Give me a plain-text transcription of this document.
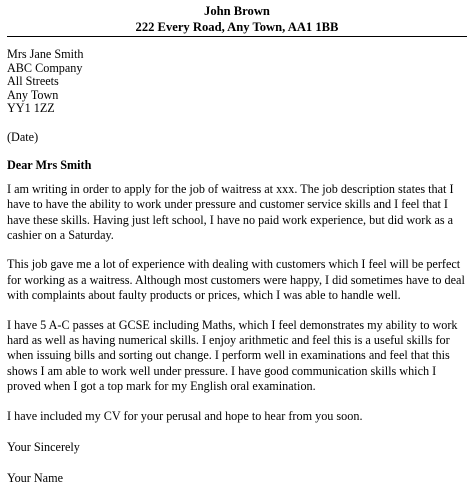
John Brown
222 Every Road, Any Town, AA1 1BB
Mrs Jane Smith
ABC Company
All Streets
Any Town
YY1 1ZZ
(Date)
Dear Mrs Smith

I am writing in order to apply for the job of waitress at xxx. The job description states that I have to have the ability to work under pressure and customer service skills and I feel that I have these skills. Having just left school, I have no paid work experience, but did work as a cashier on a Saturday.

This job gave me a lot of experience with dealing with customers which I feel will be perfect for working as a waitress. Although most customers were happy, I did sometimes have to deal with complaints about faulty products or prices, which I was able to handle well.

I have 5 A-C passes at GCSE including Maths, which I feel demonstrates my ability to work hard as well as having numerical skills. I enjoy arithmetic and feel this is a useful skills for when issuing bills and sorting out change. I perform well in examinations and feel that this shows I am able to work well under pressure. I have good communication skills which I proved when I got a top mark for my English oral examination.

I have included my CV for your perusal and hope to hear from you soon.

Your Sincerely
Your Name
